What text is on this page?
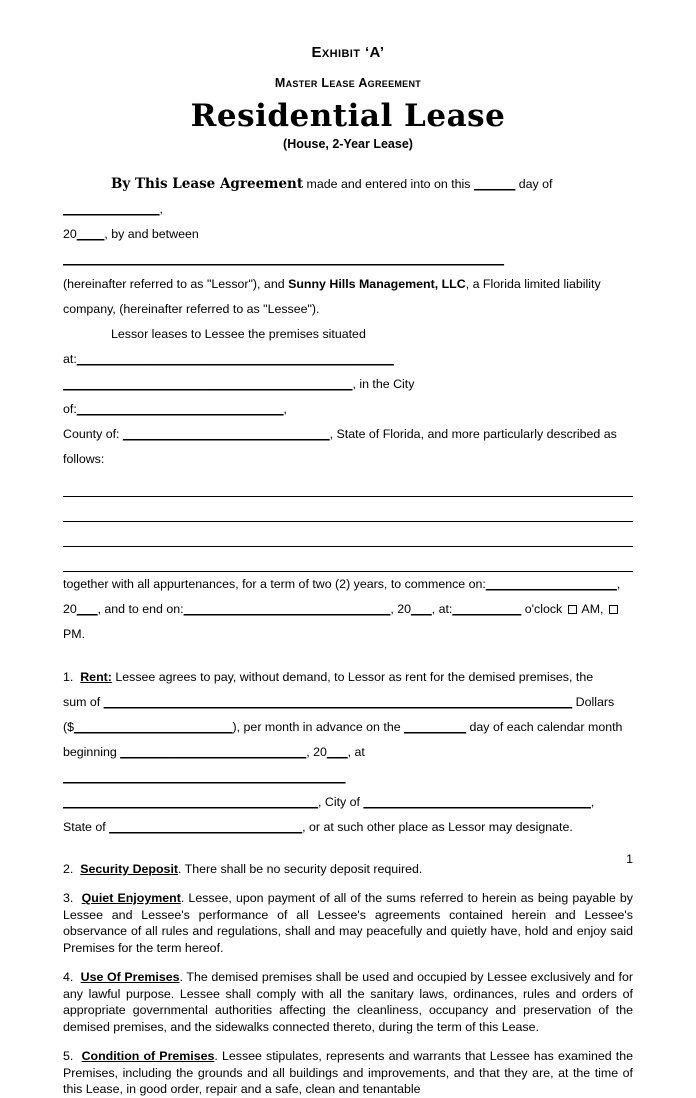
Exhibit ‘A’
Master Lease Agreement
Residential Lease
(House, 2-Year Lease)
By This Lease Agreement made and entered into on this ______ day of ______________,
20____, by and between ________________________________________________________________
(hereinafter referred to as "Lessor"), and Sunny Hills Management, LLC, a Florida limited liability
company, (hereinafter referred to as "Lessee").
Lessor leases to Lessee the premises situated at:______________________________________________
__________________________________________, in the City of:______________________________,
County of: ______________________________, State of Florida, and more particularly described as follows:
together with all appurtenances, for a term of two (2) years, to commence on:___________________,
20___, and to end on:______________________________, 20___, at:__________ o'clock  AM,  PM.
1. Rent: Lessee agrees to pay, without demand, to Lessor as rent for the demised premises, the
sum of ____________________________________________________________________ Dollars
($_______________________), per month in advance on the _________ day of each calendar month
beginning ___________________________, 20___, at _________________________________________
_____________________________________, City of _________________________________,
State of ____________________________, or at such other place as Lessor may designate.
2. Security Deposit. There shall be no security deposit required.
3. Quiet Enjoyment. Lessee, upon payment of all of the sums referred to herein as being payable by Lessee and Lessee's performance of all Lessee's agreements contained herein and Lessee's observance of all rules and regulations, shall and may peacefully and quietly have, hold and enjoy said Premises for the term hereof.
4. Use Of Premises. The demised premises shall be used and occupied by Lessee exclusively and for any lawful purpose. Lessee shall comply with all the sanitary laws, ordinances, rules and orders of appropriate governmental authorities affecting the cleanliness, occupancy and preservation of the demised premises, and the sidewalks connected thereto, during the term of this Lease.
5. Condition of Premises. Lessee stipulates, represents and warrants that Lessee has examined the Premises, including the grounds and all buildings and improvements, and that they are, at the time of this Lease, in good order, repair and a safe, clean and tenantable
1
